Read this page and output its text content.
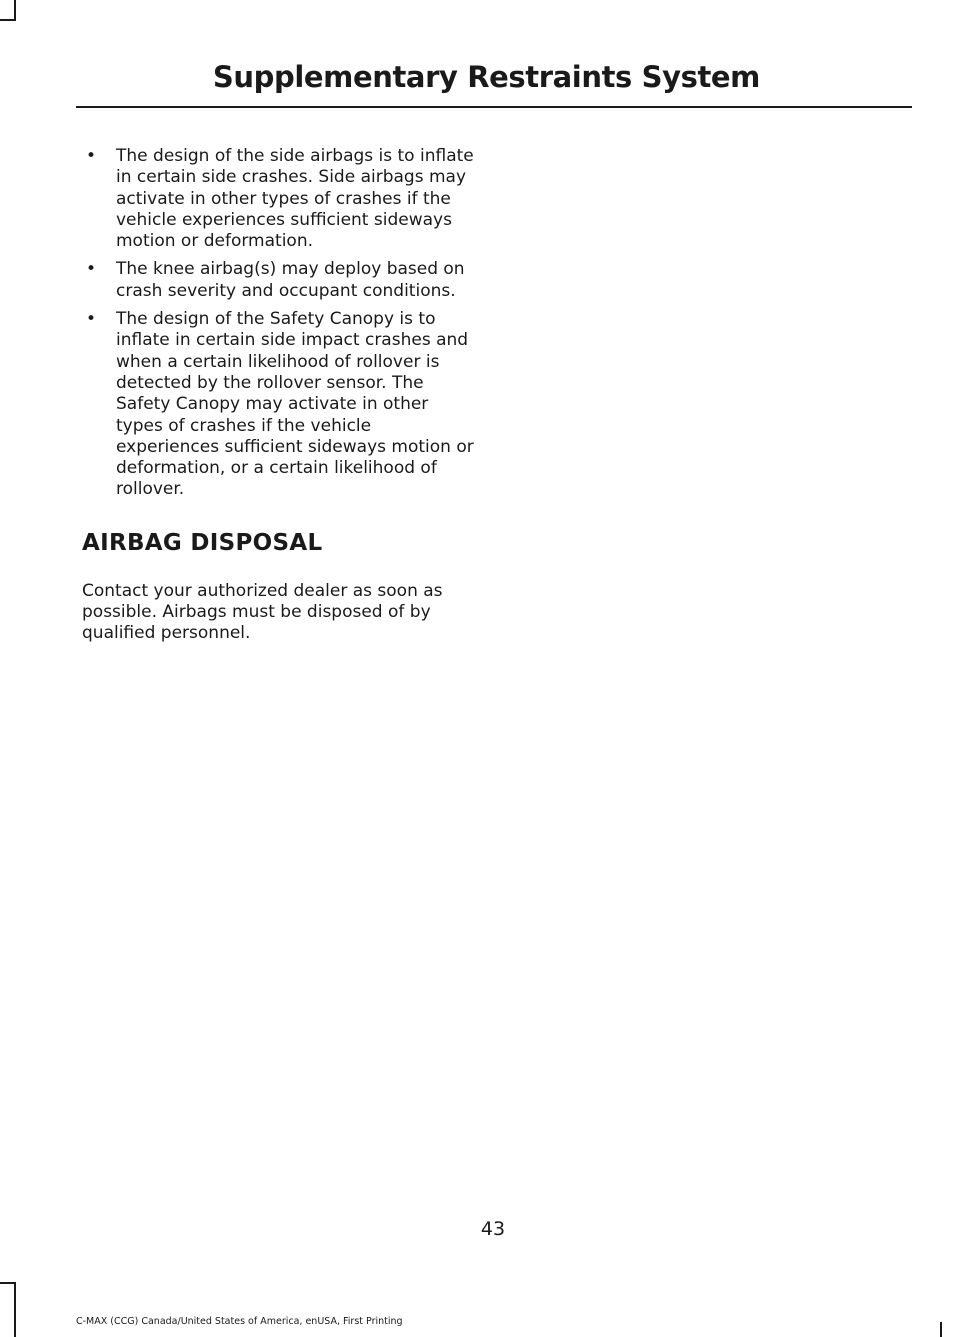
Supplementary Restraints System
• The design of the side airbags is to inflate in certain side crashes. Side airbags may activate in other types of crashes if the vehicle experiences sufficient sideways motion or deformation.
• The knee airbag(s) may deploy based on crash severity and occupant conditions.
• The design of the Safety Canopy is to inflate in certain side impact crashes and when a certain likelihood of rollover is detected by the rollover sensor. The Safety Canopy may activate in other types of crashes if the vehicle experiences sufficient sideways motion or deformation, or a certain likelihood of rollover.
AIRBAG DISPOSAL

Contact your authorized dealer as soon as possible. Airbags must be disposed of by qualified personnel.

43
C-MAX (CCG) Canada/United States of America, enUSA, First Printing
